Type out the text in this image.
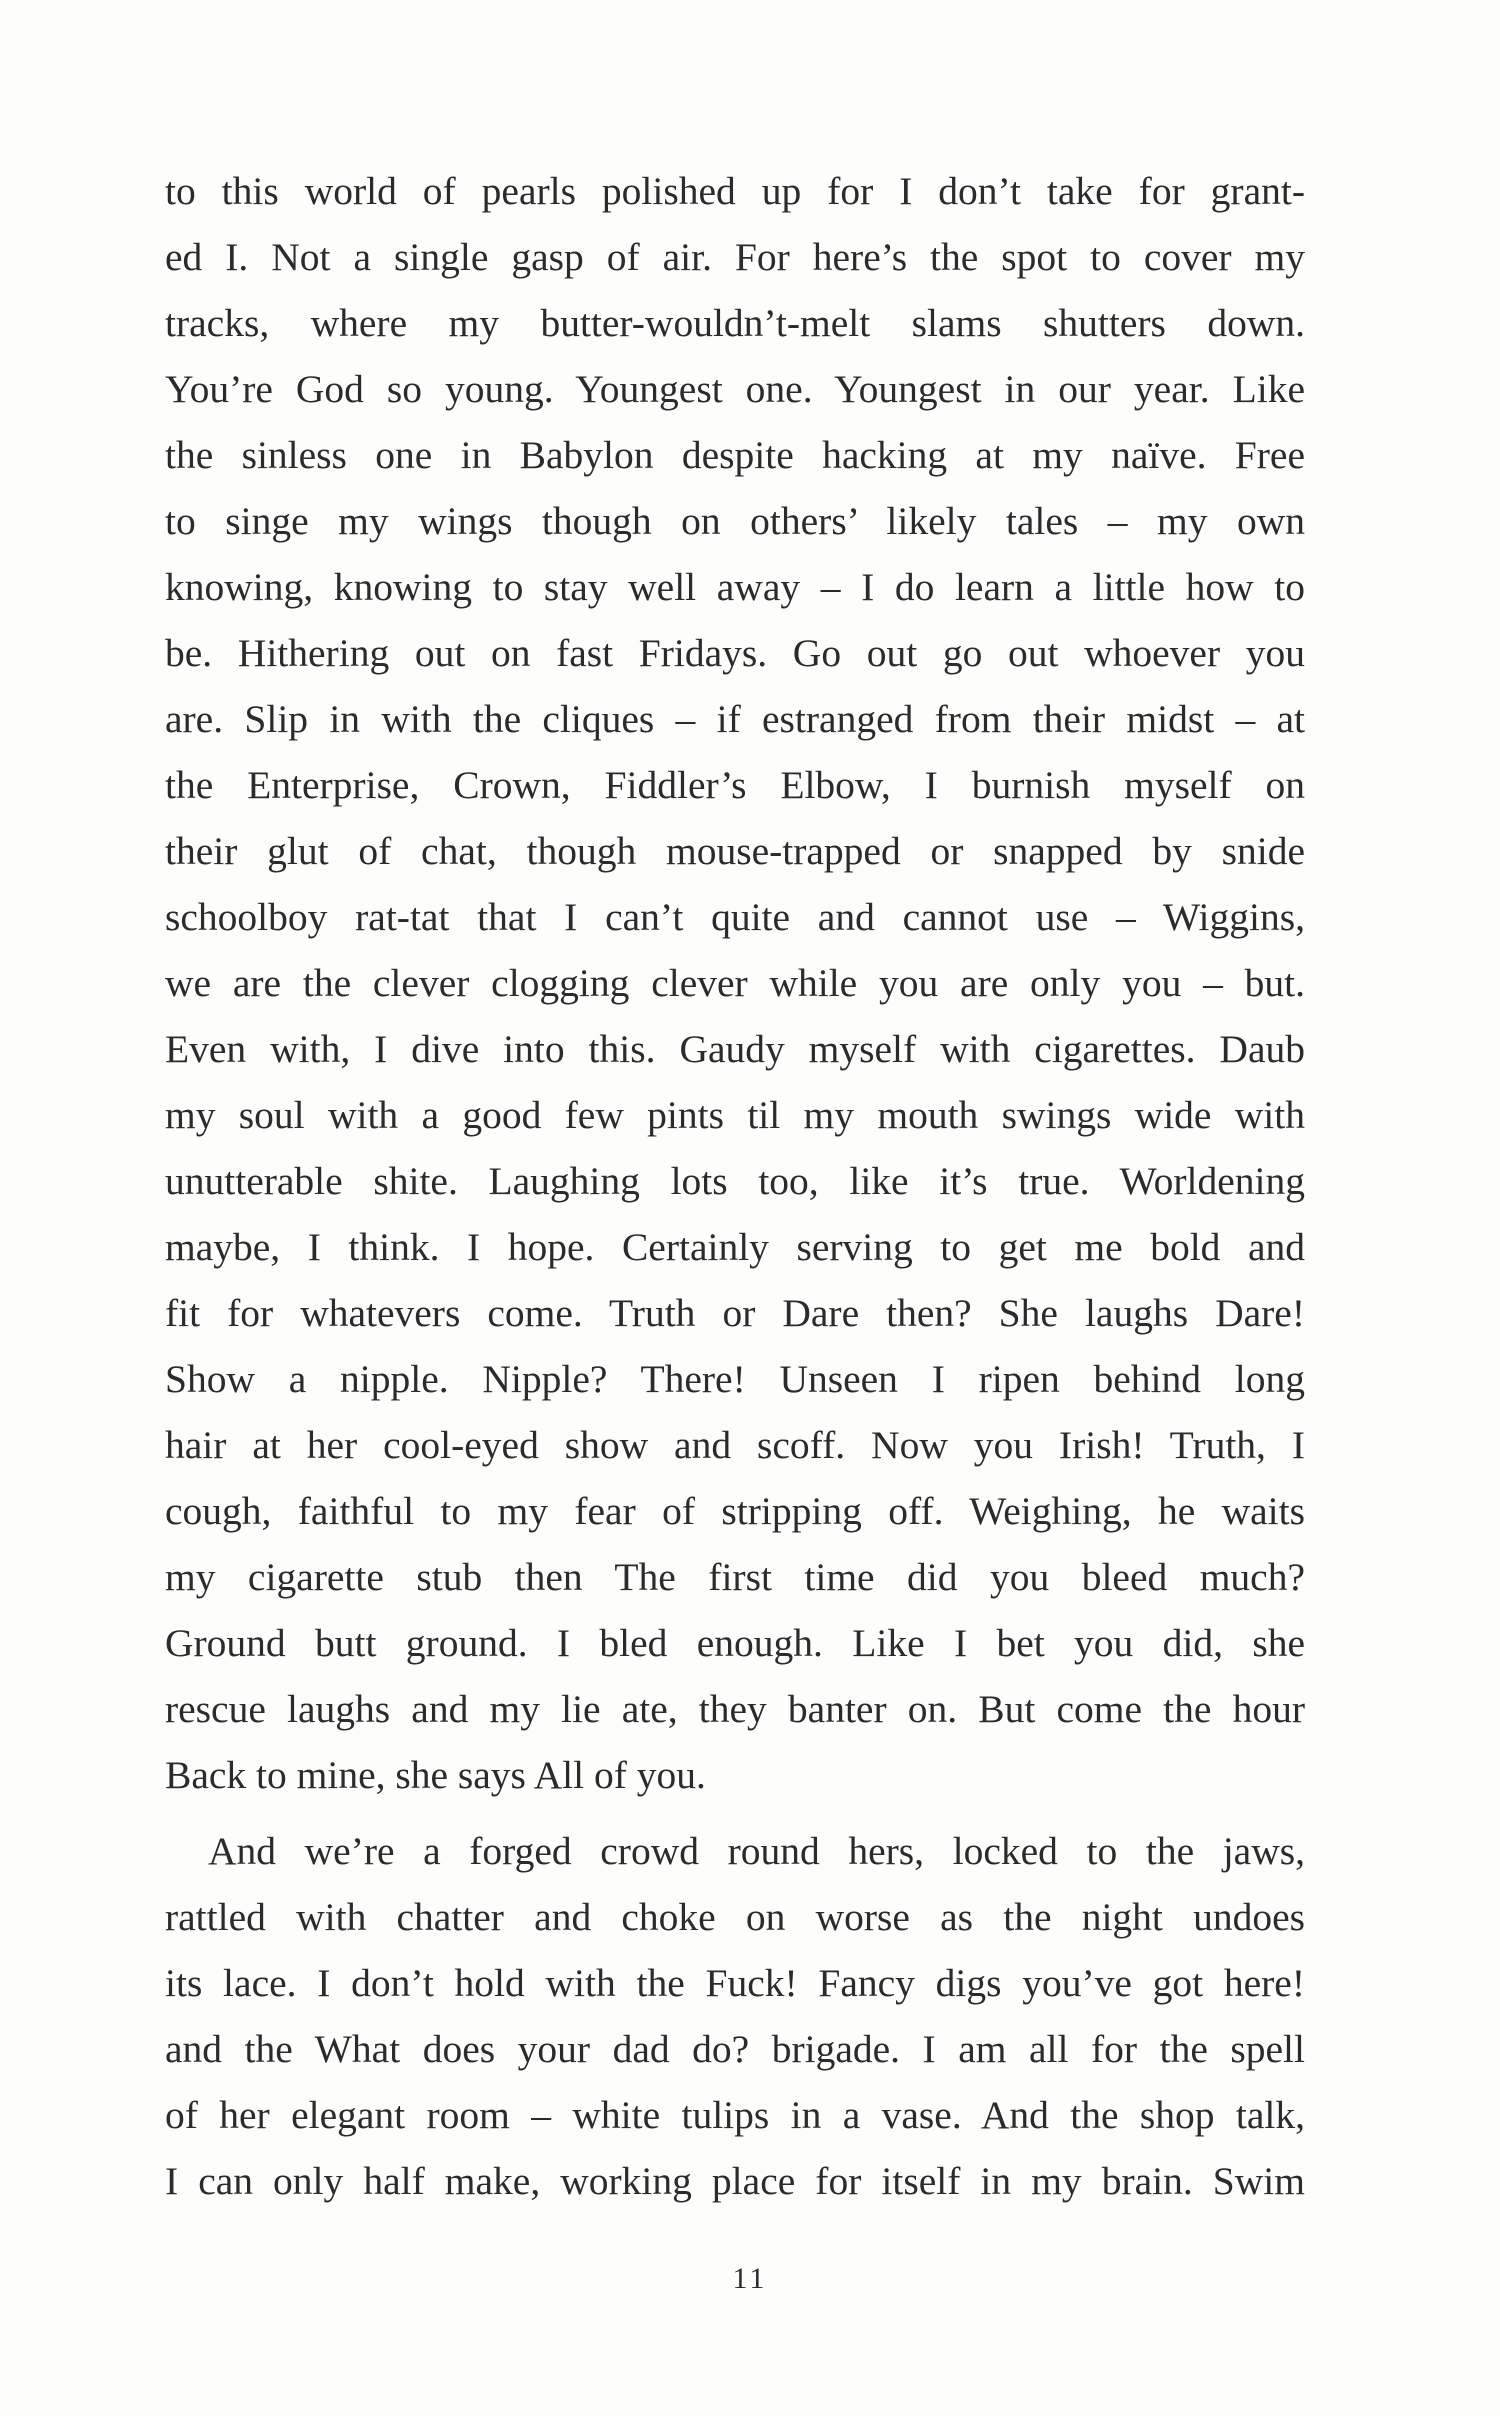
to this world of pearls polished up for I don’t take for grant-
ed I. Not a single gasp of air. For here’s the spot to cover my
tracks, where my butter-wouldn’t-melt slams shutters down.
You’re God so young. Youngest one. Youngest in our year. Like
the sinless one in Babylon despite hacking at my naïve. Free
to singe my wings though on others’ likely tales – my own
knowing, knowing to stay well away – I do learn a little how to
be. Hithering out on fast Fridays. Go out go out whoever you
are. Slip in with the cliques – if estranged from their midst – at
the Enterprise, Crown, Fiddler’s Elbow, I burnish myself on
their glut of chat, though mouse-trapped or snapped by snide
schoolboy rat-tat that I can’t quite and cannot use – Wiggins,
we are the clever clogging clever while you are only you – but.
Even with, I dive into this. Gaudy myself with cigarettes. Daub
my soul with a good few pints til my mouth swings wide with
unutterable shite. Laughing lots too, like it’s true. Worldening
maybe, I think. I hope. Certainly serving to get me bold and
fit for whatevers come. Truth or Dare then? She laughs Dare!
Show a nipple. Nipple? There! Unseen I ripen behind long
hair at her cool-eyed show and scoff. Now you Irish! Truth, I
cough, faithful to my fear of stripping off. Weighing, he waits
my cigarette stub then The first time did you bleed much?
Ground butt ground. I bled enough. Like I bet you did, she
rescue laughs and my lie ate, they banter on. But come the hour
Back to mine, she says All of you.
And we’re a forged crowd round hers, locked to the jaws,
rattled with chatter and choke on worse as the night undoes
its lace. I don’t hold with the Fuck! Fancy digs you’ve got here!
and the What does your dad do? brigade. I am all for the spell
of her elegant room – white tulips in a vase. And the shop talk,
I can only half make, working place for itself in my brain. Swim
11
